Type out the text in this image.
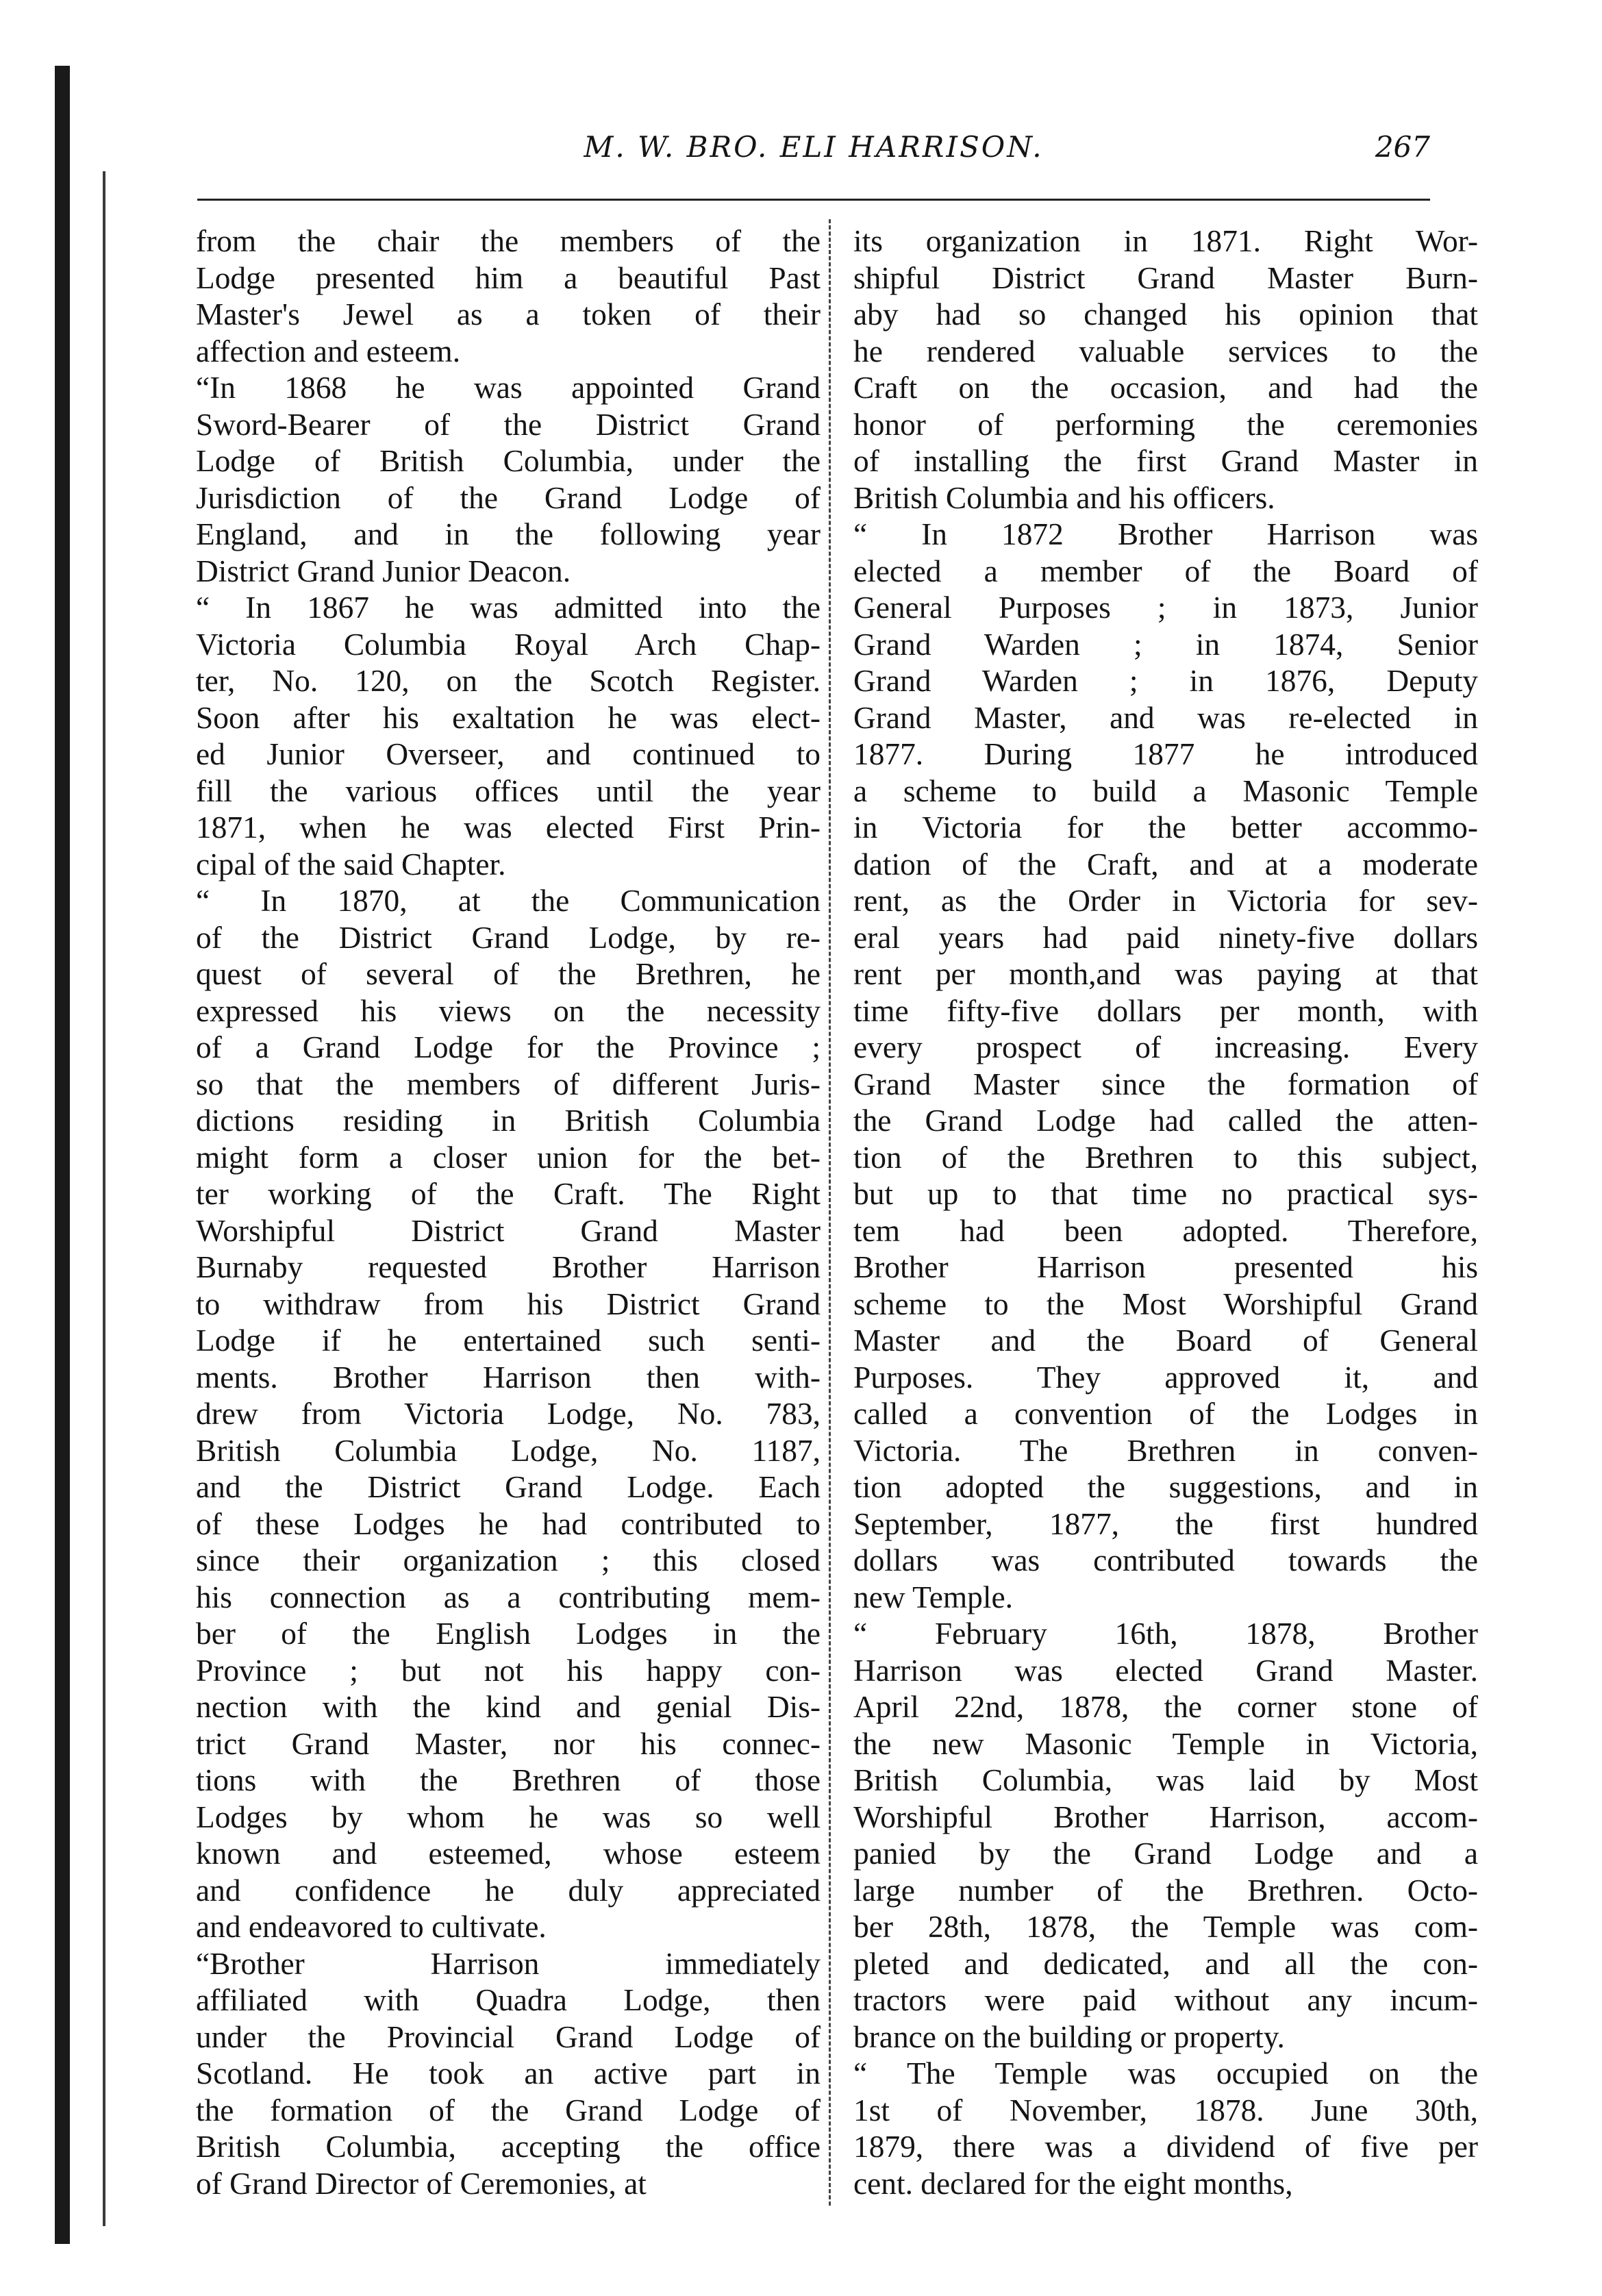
M. W. BRO. ELI HARRISON.	267
from the chair the members of the
Lodge presented him a beautiful Past
Master's Jewel as a token of their
affection and esteem.
“In 1868 he was appointed Grand
Sword-Bearer of the District Grand
Lodge of British Columbia, under the
Jurisdiction of the Grand Lodge of
England, and in the following year
District Grand Junior Deacon.
“ In 1867 he was admitted into the
Victoria Columbia Royal Arch Chap-
ter, No. 120, on the Scotch Register.
Soon after his exaltation he was elect-
ed Junior Overseer, and continued to
fill the various offices until the year
1871, when he was elected First Prin-
cipal of the said Chapter.
“ In 1870, at the Communication
of the District Grand Lodge, by re-
quest of several of the Brethren, he
expressed his views on the necessity
of a Grand Lodge for the Province ;
so that the members of different Juris-
dictions residing in British Columbia
might form a closer union for the bet-
ter working of the Craft. The Right
Worshipful District Grand Master
Burnaby requested Brother Harrison
to withdraw from his District Grand
Lodge if he entertained such senti-
ments. Brother Harrison then with-
drew from Victoria Lodge, No. 783,
British Columbia Lodge, No. 1187,
and the District Grand Lodge. Each
of these Lodges he had contributed to
since their organization ; this closed
his connection as a contributing mem-
ber of the English Lodges in the
Province ; but not his happy con-
nection with the kind and genial Dis-
trict Grand Master, nor his connec-
tions with the Brethren of those
Lodges by whom he was so well
known and esteemed, whose esteem
and confidence he duly appreciated
and endeavored to cultivate.
“Brother Harrison immediately
affiliated with Quadra Lodge, then
under the Provincial Grand Lodge of
Scotland. He took an active part in
the formation of the Grand Lodge of
British Columbia, accepting the office
of Grand Director of Ceremonies, at
its organization in 1871. Right Wor-
shipful District Grand Master Burn-
aby had so changed his opinion that
he rendered valuable services to the
Craft on the occasion, and had the
honor of performing the ceremonies
of installing the first Grand Master in
British Columbia and his officers.
“ In 1872 Brother Harrison was
elected a member of the Board of
General Purposes ; in 1873, Junior
Grand Warden ; in 1874, Senior
Grand Warden ; in 1876, Deputy
Grand Master, and was re-elected in
1877. During 1877 he introduced
a scheme to build a Masonic Temple
in Victoria for the better accommo-
dation of the Craft, and at a moderate
rent, as the Order in Victoria for sev-
eral years had paid ninety-five dollars
rent per month,and was paying at that
time fifty-five dollars per month, with
every prospect of increasing. Every
Grand Master since the formation of
the Grand Lodge had called the atten-
tion of the Brethren to this subject,
but up to that time no practical sys-
tem had been adopted. Therefore,
Brother Harrison presented his
scheme to the Most Worshipful Grand
Master and the Board of General
Purposes. They approved it, and
called a convention of the Lodges in
Victoria. The Brethren in conven-
tion adopted the suggestions, and in
September, 1877, the first hundred
dollars was contributed towards the
new Temple.
“ February 16th, 1878, Brother
Harrison was elected Grand Master.
April 22nd, 1878, the corner stone of
the new Masonic Temple in Victoria,
British Columbia, was laid by Most
Worshipful Brother Harrison, accom-
panied by the Grand Lodge and a
large number of the Brethren. Octo-
ber 28th, 1878, the Temple was com-
pleted and dedicated, and all the con-
tractors were paid without any incum-
brance on the building or property.
“ The Temple was occupied on the
1st of November, 1878. June 30th,
1879, there was a dividend of five per
cent. declared for the eight months,
